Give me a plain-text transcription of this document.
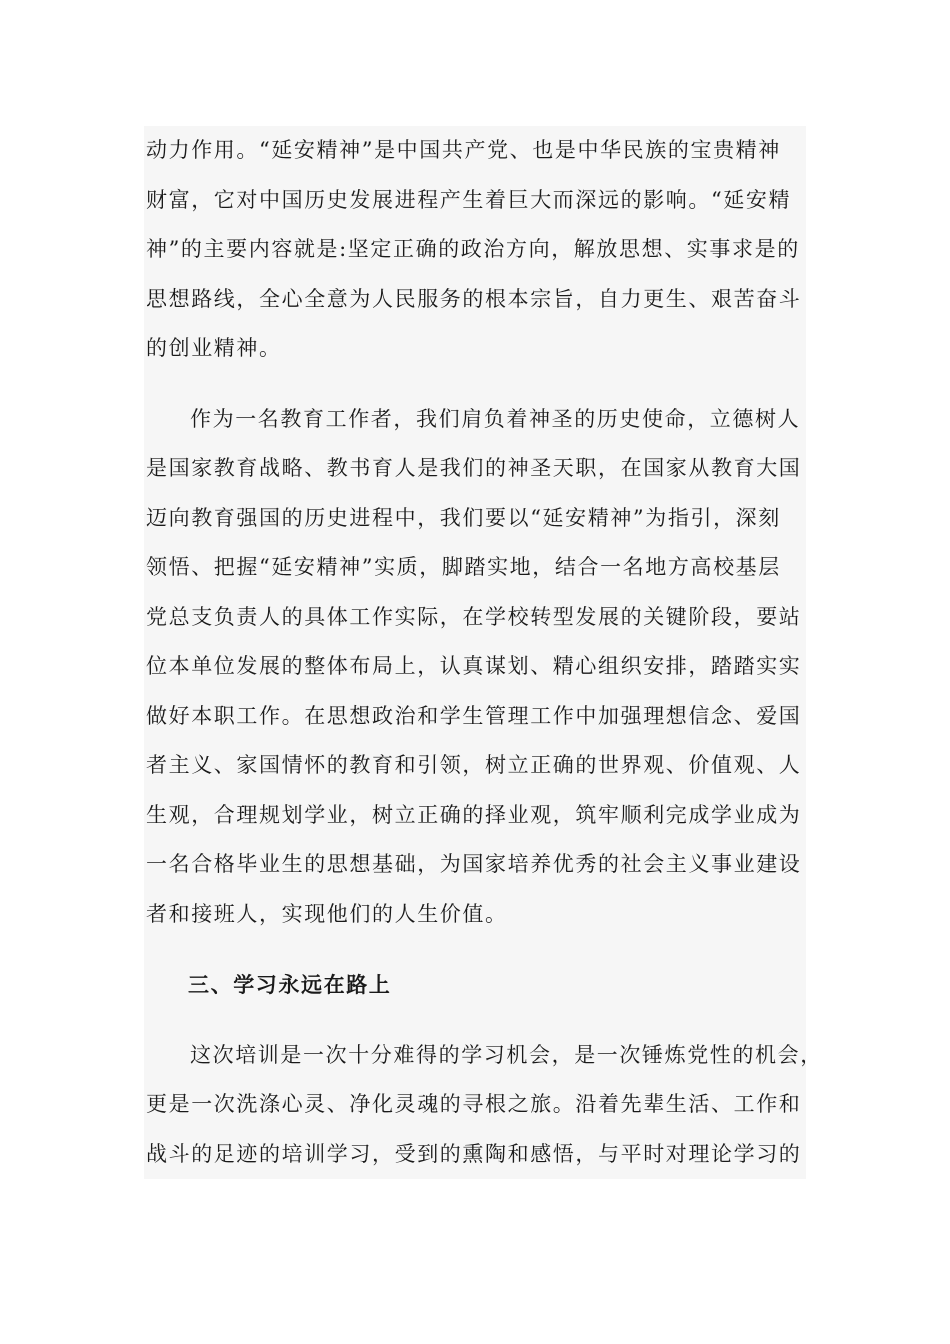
动力作用。“延安精神”是中国共产党、也是中华民族的宝贵精神
财富，它对中国历史发展进程产生着巨大而深远的影响。“延安精
神”的主要内容就是:坚定正确的政治方向，解放思想、实事求是的
思想路线，全心全意为人民服务的根本宗旨，自力更生、艰苦奋斗
的创业精神。
作为一名教育工作者，我们肩负着神圣的历史使命，立德树人
是国家教育战略、教书育人是我们的神圣天职，在国家从教育大国
迈向教育强国的历史进程中，我们要以“延安精神”为指引，深刻
领悟、把握“延安精神”实质，脚踏实地，结合一名地方高校基层
党总支负责人的具体工作实际，在学校转型发展的关键阶段，要站
位本单位发展的整体布局上，认真谋划、精心组织安排，踏踏实实
做好本职工作。在思想政治和学生管理工作中加强理想信念、爱国
者主义、家国情怀的教育和引领，树立正确的世界观、价值观、人
生观，合理规划学业，树立正确的择业观，筑牢顺利完成学业成为
一名合格毕业生的思想基础，为国家培养优秀的社会主义事业建设
者和接班人，实现他们的人生价值。
三、学习永远在路上
这次培训是一次十分难得的学习机会，是一次锤炼党性的机会，
更是一次洗涤心灵、净化灵魂的寻根之旅。沿着先辈生活、工作和
战斗的足迹的培训学习，受到的熏陶和感悟，与平时对理论学习的
